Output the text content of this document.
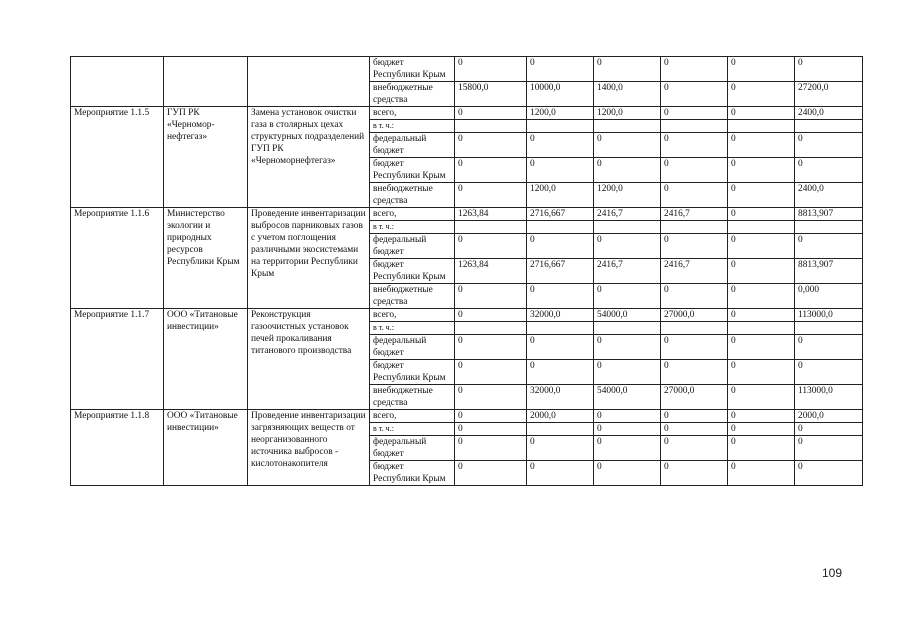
			бюджет Республики Крым	0	0	0	0	0	0
			внебюджетные средства	15800,0	10000,0	1400,0	0	0	27200,0
Мероприятие 1.1.5	ГУП РК «Черномор-нефтегаз»	Замена установок очистки газа в столярных цехах структурных подразделений ГУП РК «Черноморнефтегаз»	всего,	0	1200,0	1200,0	0	0	2400,0
			в т. ч.:						
			федеральный бюджет	0	0	0	0	0	0
			бюджет Республики Крым	0	0	0	0	0	0
			внебюджетные средства	0	1200,0	1200,0	0	0	2400,0
Мероприятие 1.1.6	Министерство экологии и природных ресурсов Республики Крым	Проведение инвентаризации выбросов парниковых газов с учетом поглощения различными экосистемами на территории Республики Крым	всего,	1263,84	2716,667	2416,7	2416,7	0	8813,907
			в т. ч.:						
			федеральный бюджет	0	0	0	0	0	0
			бюджет Республики Крым	1263,84	2716,667	2416,7	2416,7	0	8813,907
			внебюджетные средства	0	0	0	0	0	0,000
Мероприятие 1.1.7	ООО «Титановые инвестиции»	Реконструкция газоочистных установок печей прокаливания титанового производства	всего,	0	32000,0	54000,0	27000,0	0	113000,0
			в т. ч.:						
			федеральный бюджет	0	0	0	0	0	0
			бюджет Республики Крым	0	0	0	0	0	0
			внебюджетные средства	0	32000,0	54000,0	27000,0	0	113000,0
Мероприятие 1.1.8	ООО «Титановые инвестиции»	Проведение инвентаризации загрязняющих веществ от неорганизованного источника выбросов - кислотонакопителя	всего,	0	2000,0	0	0	0	2000,0
			в т. ч.:	0		0	0	0	0
			федеральный бюджет	0	0	0	0	0	0
			бюджет Республики Крым	0	0	0	0	0	0
109
